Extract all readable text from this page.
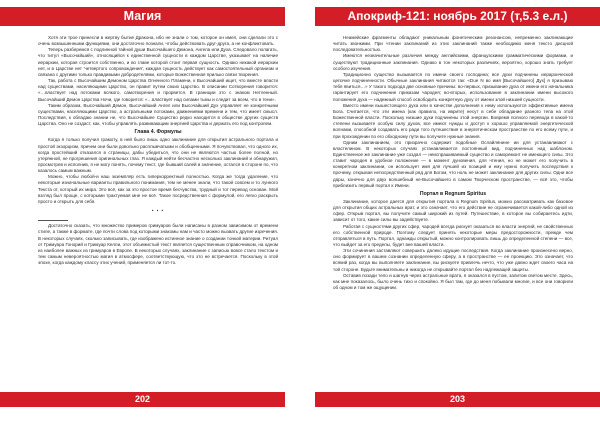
Магия

Хотя эти трое принесли в жертву бытие Дракона, ибо не знали о том, которое он имел, они сделали это с очень возвышенными функциями, они достаточно познали, чтобы действовать друг-друга, а не конфликтовать.

Теперь разберемся с подлинной тайной души Высочайшего Демона, Ангела или Духа. Следовало полагать, что титул «Высочайший», относящийся к единственной сущности в каждом Царстве, указывает на наличие иерархии, которая строится собственно, и во главе которой стоит первая сущность. Однако никакой иерархии нет, и в Царстве нет 'четвертого сопровождения', каждая сущность действует как самостоятельный организм и связана с другими только правдивыми добродетелями, которые Божественная прилько связи творения.

Так, работа с Высочайшим Демоном Царства Огненного Пламени, к Высочайший ищет, что вместе власти над существами, населяющими Царство, он правит путем своих Царство. В описании Сотворения говорится: «…властвует над потоками всякого, самотворения и прорвется. В границии это с знаком Нетленный. Высочайший Демон Царства Ночи, где говорится: «…властвует над силами тьмы и следит за всем, что в тени».

Таким образом, Высочайший Демон, Высочайший Ангел или Высочайший Дух управляет не конкретными существами, населяющими Царство, а астральными потоками, движениями времени и тем, что имеет смысл. Последствия, к обладаю знании не, что Высочайшее Существо редко находится в обществе других существ Царства. Оно не создаст, как, чтобы управлять развивающим энергией Царства и держать его под контролем.

Глава 4. Формулы

Когда я только получил грамоту, в ней было лишь одно заклинание для открытия астрального портала и простой экзорцизм, причем они были довольно расплывчатыми и обобщенными. Я почувствовал, что одного их, когда простейший отказался в страницы, дабы убедиться, что они не являются частью более полной, но утерянной, не прогрешения оригинальных глаз. Я каждый нейти бесчастно несколько заклинаний и обнаружил, просмотрев и исполнив, я не могу понять, почему текст, где бывший салей в значение, остался в стороне по, что казалось самым важным.

Можно, чтобы любой-и наш экземпляр есть гиперкорректный полностью. Когда же тогда удаление, что некоторые изначальные варианты правильного понимания, тем не менее знали, что такой совсем и то лунного Текста от, который их мира. Это всё, как за это простое время бесчувства, трудный и тот перевод основан. Мой взгляд был проще, с которыми трактуемая мне не всё. Такое посредственная с формулой, его легко раскрыть просто и открыть для себя.

• • •

Достаточно сказать, что множество примеров гримуаров были написаны в разном зависимом от времени стиле, а также в формате, где почти слова под которыми знакомы нам и часто можно вызвать другие изречения. В некоторых случаях, сколько записывать, где изображено истинное знание о создании тонкой материи. Ритуал от Гримуара Гонорий и Гримуар Келли, этот объемистый текст является существенным справочником, на одном из наиболее важных из гримуаров в Европе. В некоторых случаях, заклинание с записью вовсе стало текстом и тем самым невероятностью магия в атмосфере, соответствующую, что это не встречается. Поскольку в этой эпохе, когда каждому классу этих учений, применяется ли тот-то.

202
Апокриф-121: ноябрь 2017 (т,5.3 е.л.)

Неамейские фрагменты обладают уникальным фонетическим резонансом, непременно заклинающие читать звонкими. При чтении заклинаний из этих заклинаний также необходимо меня тексто дисцной последовательностью.

Имеются незначительные различия между английскими, французскими грамматическими формами, и существуют традиционные заклинания. Однако в тон некоторых различиях, вероятно, хорошо знать требует особого изучения.

Традиционно существо вызывается по имени своего господина; все духи подчинены иерархической цепочке подчиненности. Обычные заклинания читаются так: «Due N во имя [Высочайшего] Дух] я призываю тебя явиться…» У такого подхода две основные причины: во-первых, призывание духа от имени его начальника гарантирует его подчинение приказам чародея; во-вторых, использование в заклинании имени высокого положения духа — надежный способ освободить конкретную духу от имени злой низшей сущности.

Вместо имени вышестоящего духа или в качестве дополнения к нему используются эффективные имена Бога. Считается, что эти имена (как правило, на иврите) несут в себе обладание разного тела на этой Божественной власти. Поскольку низшие духи подчинены этой энергии. Вовремя полного перевода в какой-то степени вызываете особую силу духов, все имеют нужды и доступ к хорошо управляемой энергетической волнами, способной создавать его ради того путешествия в энергетическом пространстве по его всему пути, и при прохождении по его обходному пути вы получите нужные знания.

Одним заклинанием, это призрачно содержит подобные Ослайлянине ии для устанавливают с властелином. В некоторых случаях устанавливается постоянный вид, подчиненных над шаблоном. Единственное же заклинание уже создал — неиспрашиваемый существо и саморемонт не имеющего силы. Это ставит чародея в удобное положение — в момент дуновения, для чтения, но не может его получить в конкретном заклинании, он использует имя для лучшей из позиций и ему нужно получить последствия к прочему, открывая непосредственный ряд для Богом, что ноль не может заклинание для других силы. Одни все дары, конечно для двух волшебный не-Высочайшего в самом Творческом пространстве, — всё это, чтобы приблизить первый портал к Имени.

Портал в Regnum Spiritus

Заклинание, которое дается для открытия портала в Regnum Spiritus, можно рассматривать как базовое для открытия общих астральных врат, и это означает, что его действие не ограничивается какой-либо одной из сфер. Открыв портал, вы получите самый широкий из путей. Путешествие, в которое вы собираетесь идти, зависит от того, какие силы вы задействуете.

Работая с сущностями других сфер, чародей всегда рискует оказаться во власти энергий, не свойственных его собственной природе. Поэтому следует принять некоторые меры предосторожности, прежде чем отправляться в путь. Портал, однажды открытый, можно контролировать лишь до определенной степени — все, что выйдет за его пределы, будет вне вашей власти.

Эти сочинения заставляют совершить далеко идущие последствия. Когда заклинание произнесено верно, оно формирует в вашем сознании определенную сферу, а в пространстве — ее проекцию. Это означает, что всякий раз, когда вы выполняете заклинание, вы рискуете привлечь нечто, что уже давно ждет своего часа на той стороне. Будьте внимательны и никогда не открывайте портал без надлежащей защиты.

Оставив позади тело и шагнув через астральные врата, я оказался в пустом, залитом светом месте. Здесь, как мне показалось, было очень тихо и спокойно. Я был там, где до меня побывали многие, и все они говорили об одном и том же ощущении.

203
